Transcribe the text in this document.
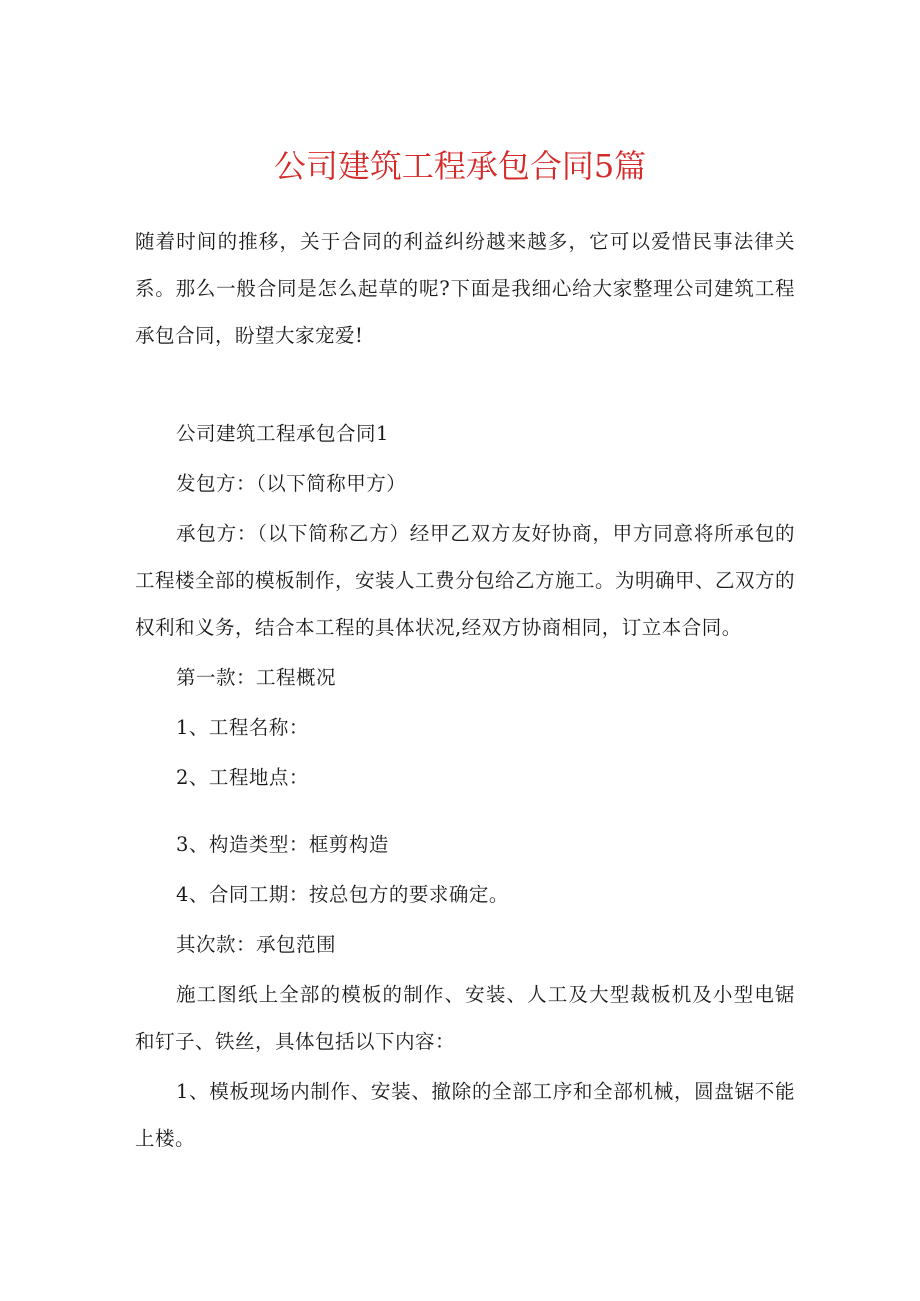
公司建筑工程承包合同5篇
随着时间的推移，关于合同的利益纠纷越来越多，它可以爱惜民事法律关系。那么一般合同是怎么起草的呢?下面是我细心给大家整理公司建筑工程承包合同，盼望大家宠爱!

公司建筑工程承包合同1

发包方：（以下简称甲方）

承包方：（以下简称乙方）经甲乙双方友好协商，甲方同意将所承包的工程楼全部的模板制作，安装人工费分包给乙方施工。为明确甲、乙双方的权利和义务，结合本工程的具体状况,经双方协商相同，订立本合同。

第一款：工程概况

1、工程名称：

2、工程地点：

3、构造类型：框剪构造

4、合同工期：按总包方的要求确定。

其次款：承包范围

施工图纸上全部的模板的制作、安装、人工及大型裁板机及小型电锯和钉子、铁丝，具体包括以下内容：

1、模板现场内制作、安装、撤除的全部工序和全部机械，圆盘锯不能上楼。
